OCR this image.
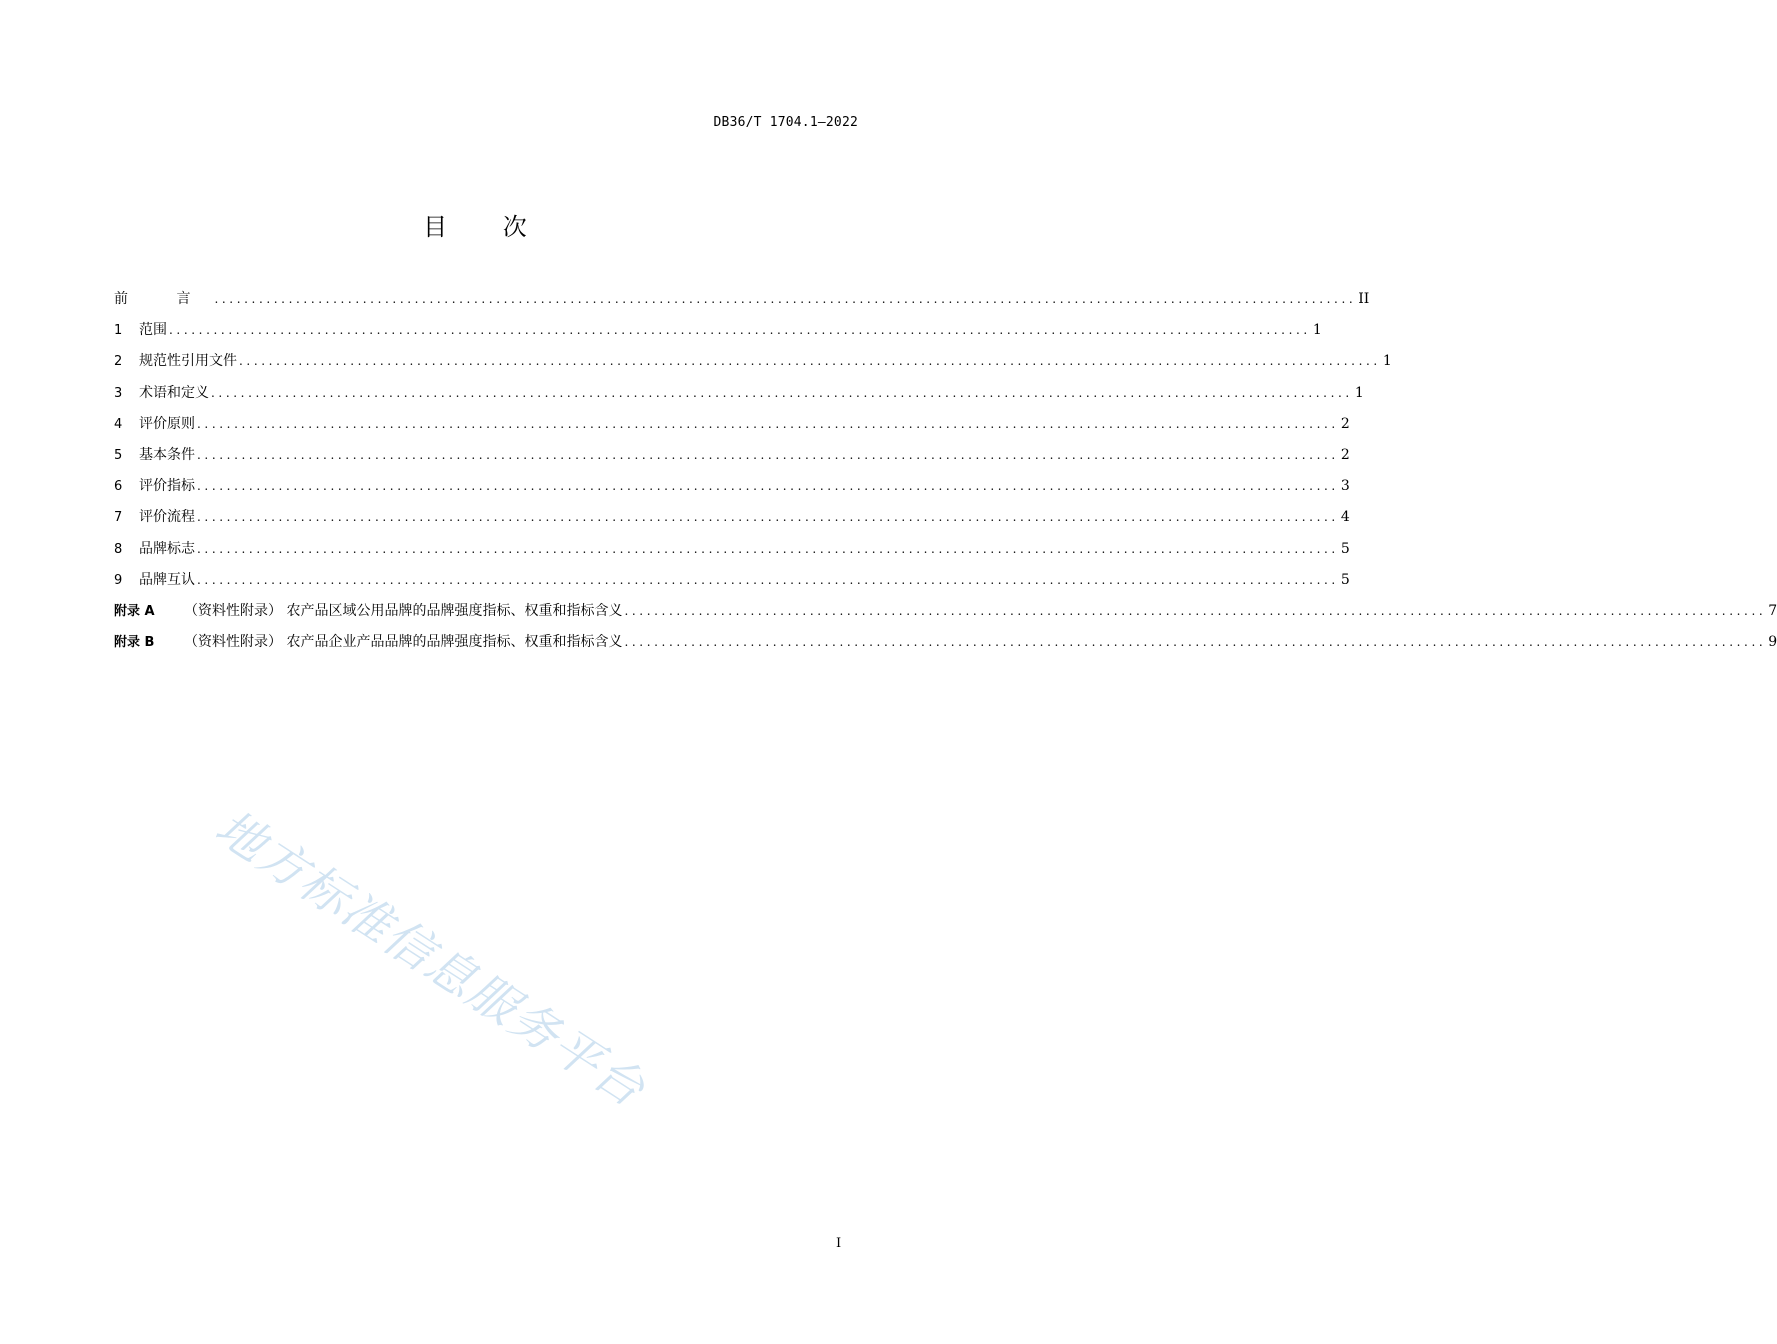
DB36/T 1704.1—2022
目 次
前 言 .......................................................................................................................................................... II
1	范围 .......................................................................................................................................................... 1
2	规范性引用文件 .......................................................................................................................................................... 1
3	术语和定义 .......................................................................................................................................................... 1
4	评价原则 .......................................................................................................................................................... 2
5	基本条件 .......................................................................................................................................................... 2
6	评价指标 .......................................................................................................................................................... 3
7	评价流程 .......................................................................................................................................................... 4
8	品牌标志 .......................................................................................................................................................... 5
9	品牌互认 .......................................................................................................................................................... 5
附录 A	（资料性附录） 农产品区域公用品牌的品牌强度指标、权重和指标含义 .......................................................................................................................................................... 7
附录 B	（资料性附录） 农产品企业产品品牌的品牌强度指标、权重和指标含义 .......................................................................................................................................................... 9
地方标准信息服务平台
I
